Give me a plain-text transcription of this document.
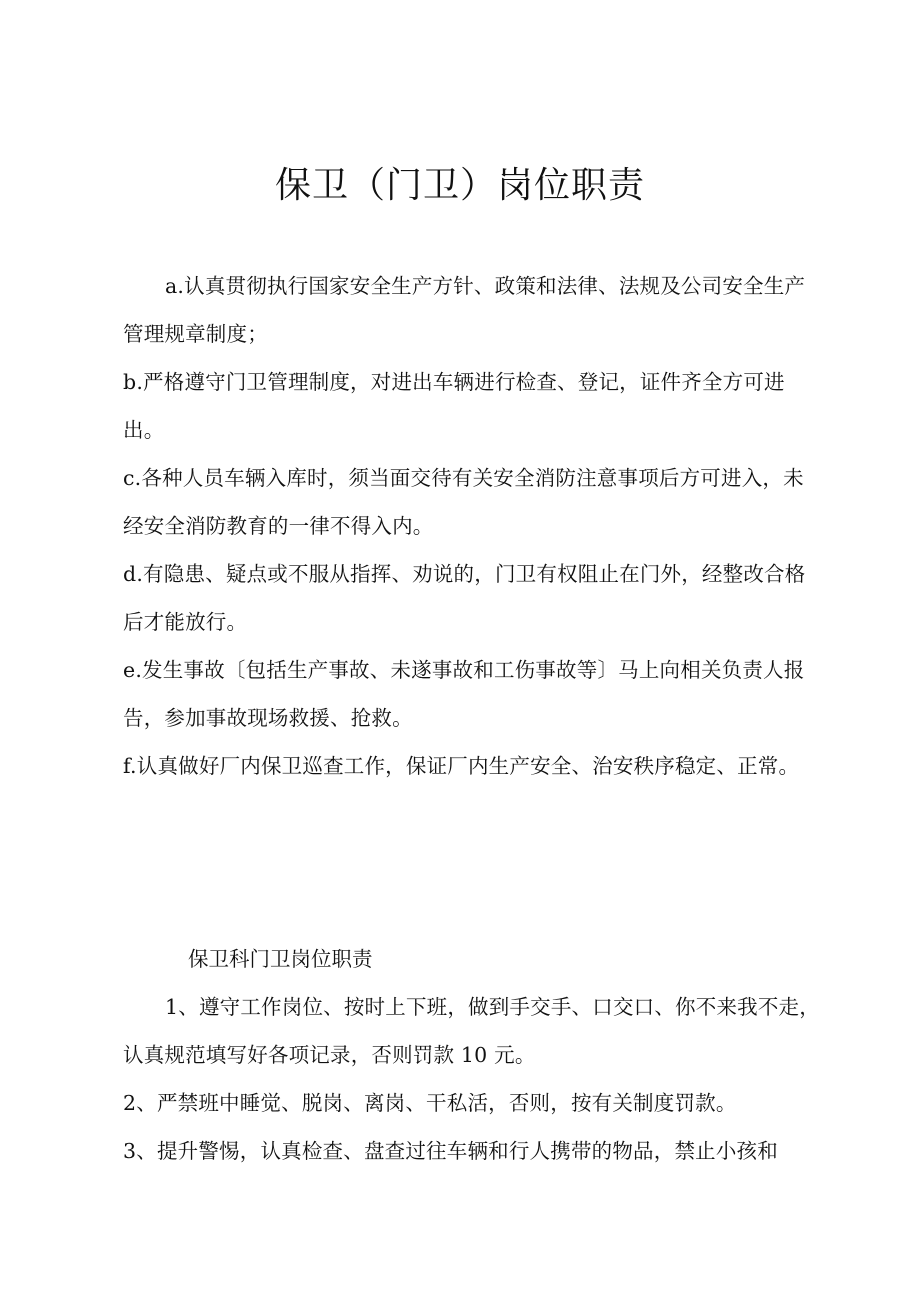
保卫（门卫）岗位职责

a.认真贯彻执行国家安全生产方针、政策和法律、法规及公司安全生产管理规章制度；

b.严格遵守门卫管理制度，对进出车辆进行检查、登记，证件齐全方可进出。

c.各种人员车辆入库时，须当面交待有关安全消防注意事项后方可进入，未经安全消防教育的一律不得入内。

d.有隐患、疑点或不服从指挥、劝说的，门卫有权阻止在门外，经整改合格后才能放行。

e.发生事故〔包括生产事故、未遂事故和工伤事故等〕马上向相关负责人报告，参加事故现场救援、抢救。

f.认真做好厂内保卫巡查工作，保证厂内生产安全、治安秩序稳定、正常。

保卫科门卫岗位职责

1、遵守工作岗位、按时上下班，做到手交手、口交口、你不来我不走，认真规范填写好各项记录，否则罚款 10 元。

2、严禁班中睡觉、脱岗、离岗、干私活，否则，按有关制度罚款。

3、提升警惕，认真检查、盘查过往车辆和行人携带的物品，禁止小孩和
